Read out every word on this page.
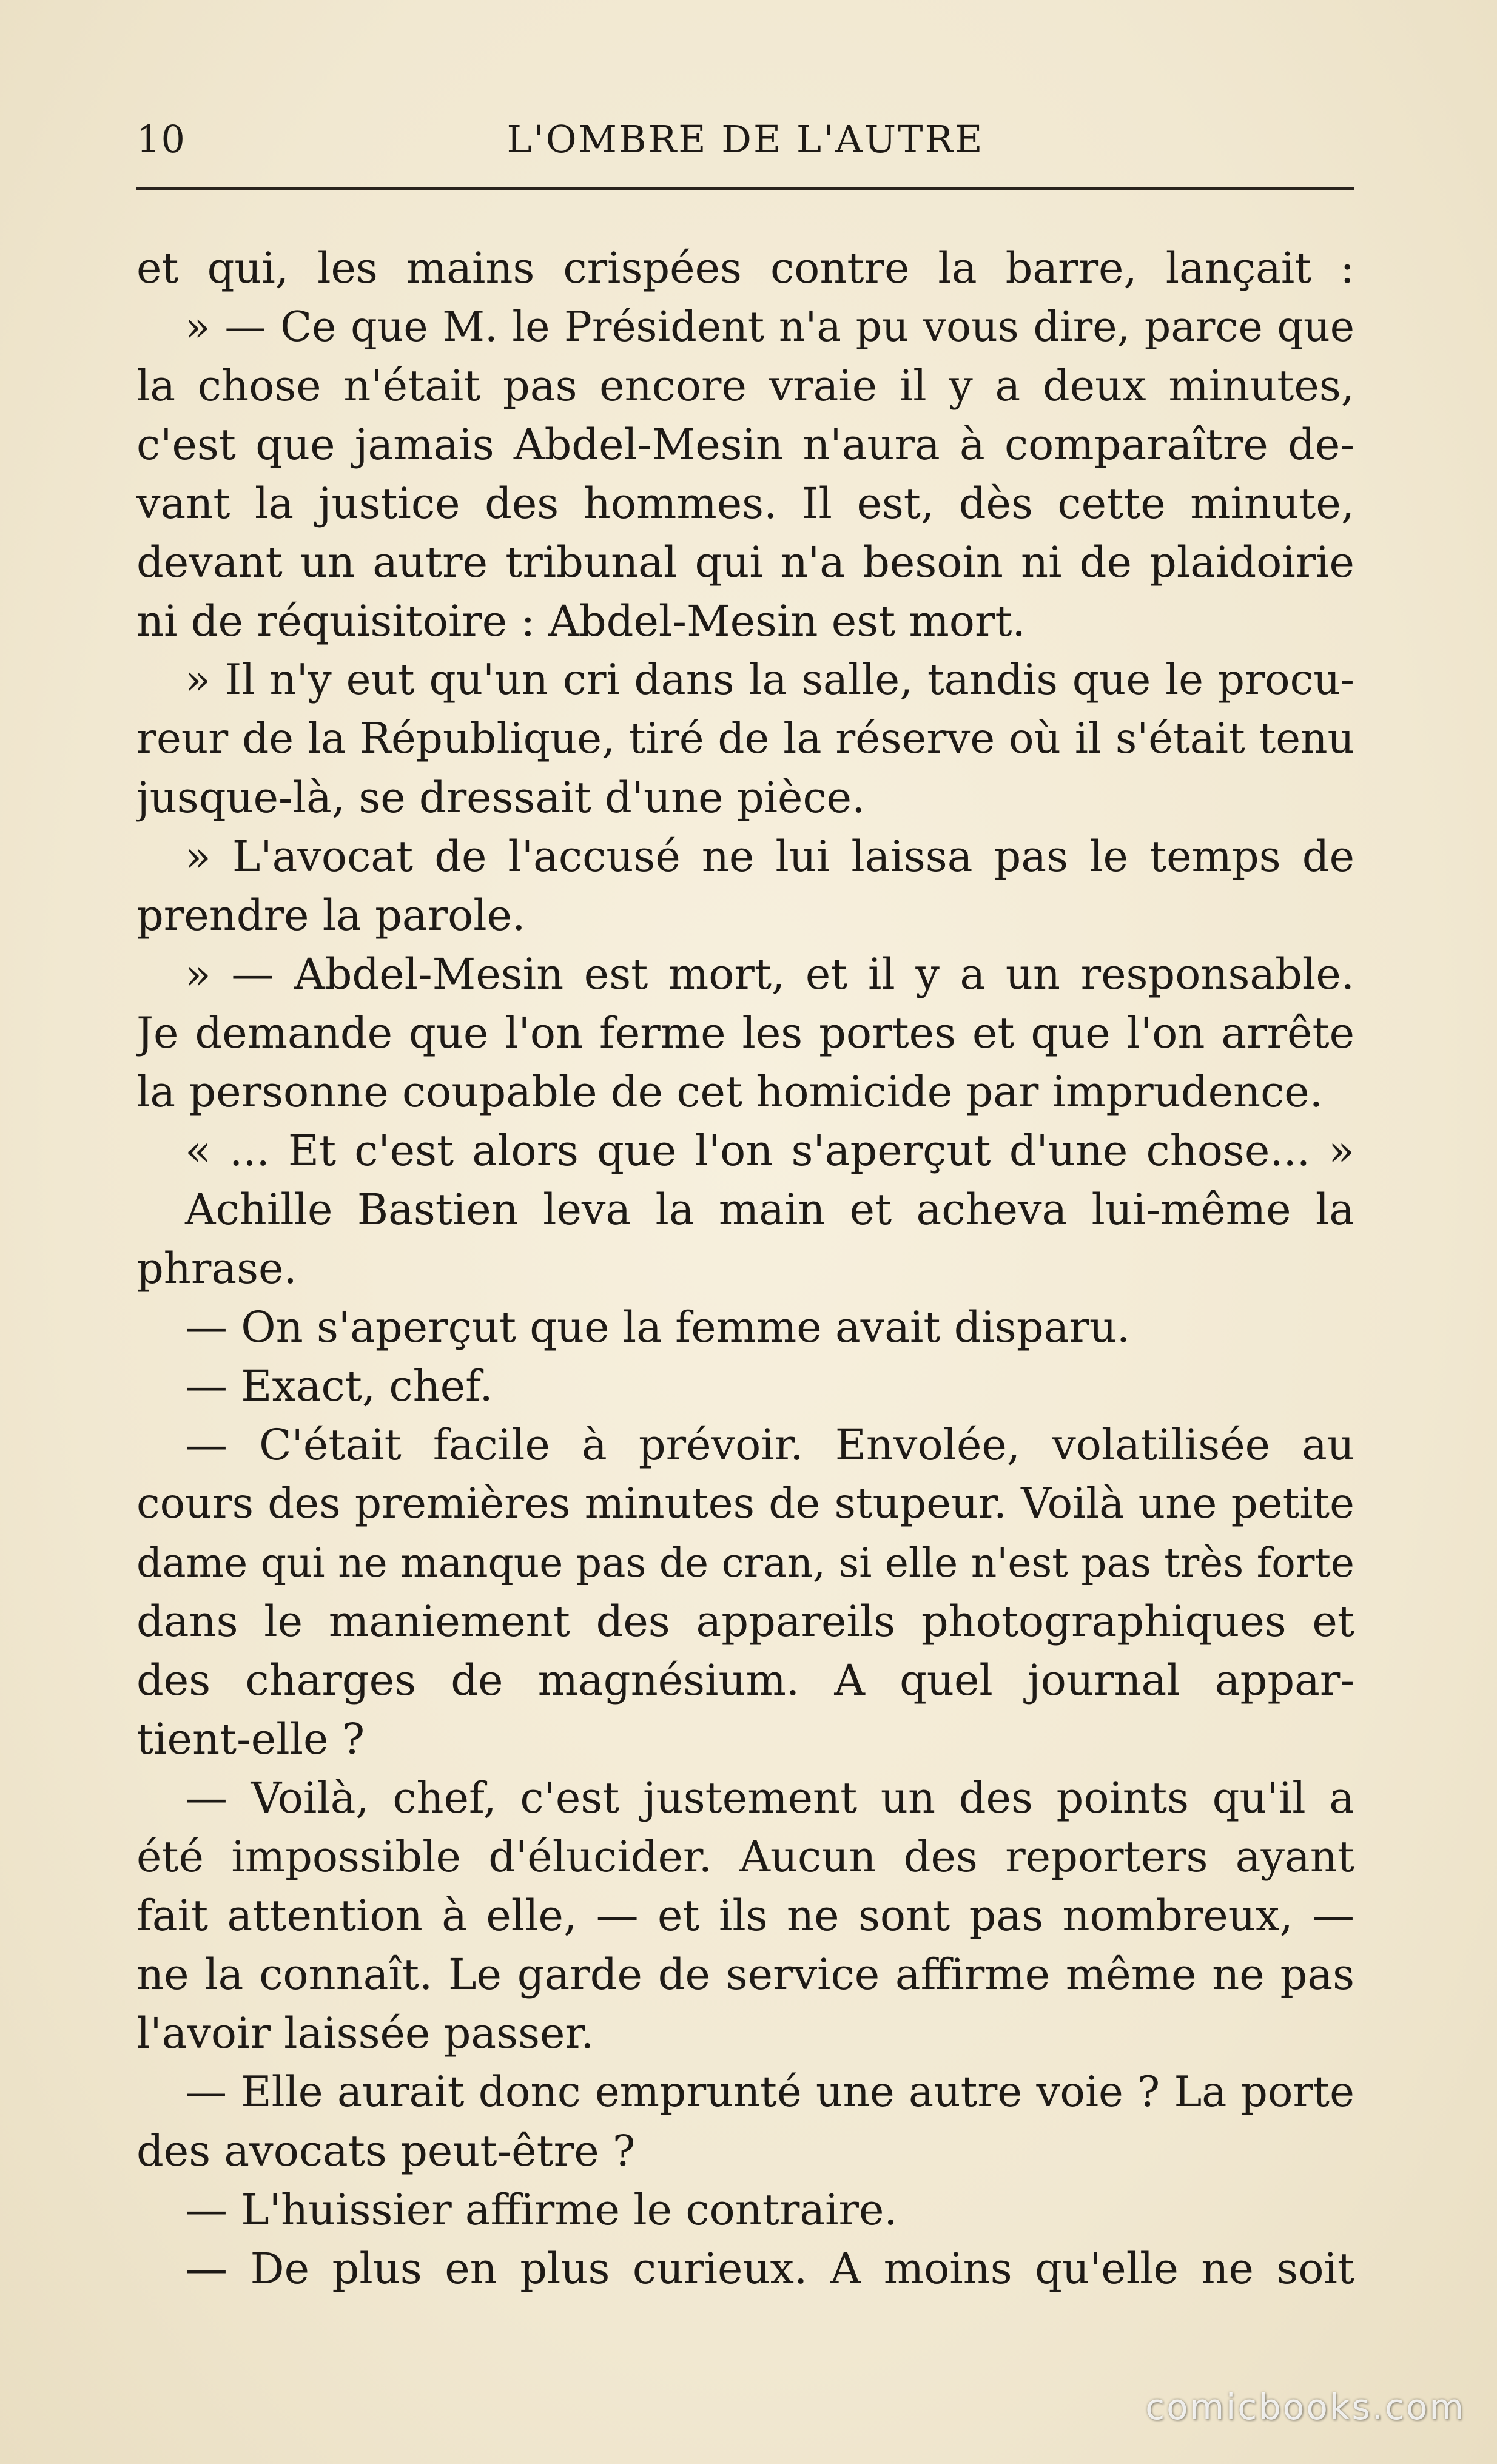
10	L'OMBRE DE L'AUTRE
et qui, les mains crispées contre la barre, lançait :
» — Ce que M. le Président n'a pu vous dire, parce que
la chose n'était pas encore vraie il y a deux minutes,
c'est que jamais Abdel-Mesin n'aura à comparaître de-
vant la justice des hommes. Il est, dès cette minute,
devant un autre tribunal qui n'a besoin ni de plaidoirie
ni de réquisitoire : Abdel-Mesin est mort.
» Il n'y eut qu'un cri dans la salle, tandis que le procu-
reur de la République, tiré de la réserve où il s'était tenu
jusque-là, se dressait d'une pièce.
» L'avocat de l'accusé ne lui laissa pas le temps de
prendre la parole.
» — Abdel-Mesin est mort, et il y a un responsable.
Je demande que l'on ferme les portes et que l'on arrête
la personne coupable de cet homicide par imprudence.
« ... Et c'est alors que l'on s'aperçut d'une chose... »
Achille Bastien leva la main et acheva lui-même la
phrase.
— On s'aperçut que la femme avait disparu.
— Exact, chef.
— C'était facile à prévoir. Envolée, volatilisée au
cours des premières minutes de stupeur. Voilà une petite
dame qui ne manque pas de cran, si elle n'est pas très forte
dans le maniement des appareils photographiques et
des charges de magnésium. A quel journal appar-
tient-elle ?
— Voilà, chef, c'est justement un des points qu'il a
été impossible d'élucider. Aucun des reporters ayant
fait attention à elle, — et ils ne sont pas nombreux, —
ne la connaît. Le garde de service affirme même ne pas
l'avoir laissée passer.
— Elle aurait donc emprunté une autre voie ? La porte
des avocats peut-être ?
— L'huissier affirme le contraire.
— De plus en plus curieux. A moins qu'elle ne soit
comicbooks.com
